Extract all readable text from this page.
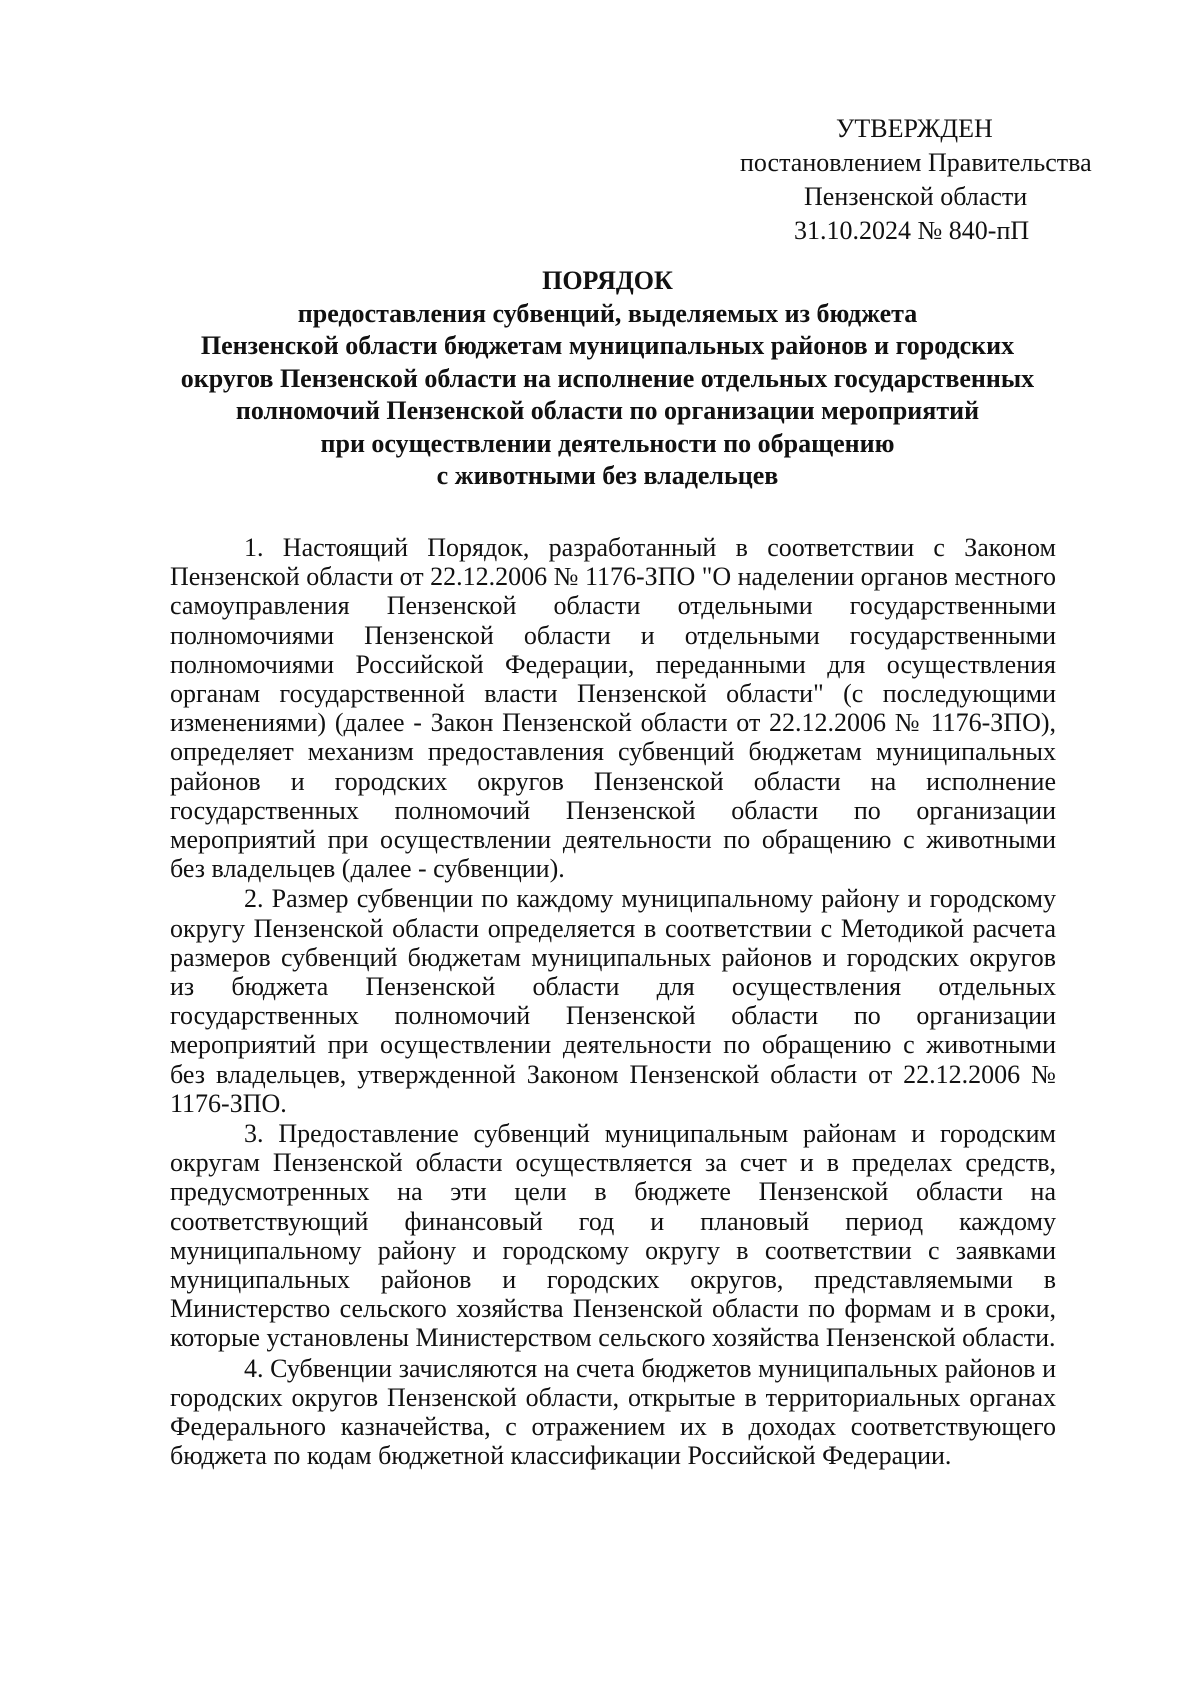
УТВЕРЖДЕН
постановлением Правительства
Пензенской области
31.10.2024 № 840-пП
ПОРЯДОК
предоставления субвенций, выделяемых из бюджета
Пензенской области бюджетам муниципальных районов и городских
округов Пензенской области на исполнение отдельных государственных
полномочий Пензенской области по организации мероприятий
при осуществлении деятельности по обращению
с животными без владельцев

1. Настоящий Порядок, разработанный в соответствии с Законом Пензенской области от 22.12.2006 № 1176-ЗПО "О наделении органов местного самоуправления Пензенской области отдельными государственными полномочиями Пензенской области и отдельными государственными полномочиями Российской Федерации, переданными для осуществления органам государственной власти Пензенской области" (с последующими изменениями) (далее - Закон Пензенской области от 22.12.2006 № 1176-ЗПО), определяет механизм предоставления субвенций бюджетам муниципальных районов и городских округов Пензенской области на исполнение государственных полномочий Пензенской области по организации мероприятий при осуществлении деятельности по обращению с животными без владельцев (далее - субвенции).

2. Размер субвенции по каждому муниципальному району и городскому округу Пензенской области определяется в соответствии с Методикой расчета размеров субвенций бюджетам муниципальных районов и городских округов из бюджета Пензенской области для осуществления отдельных государственных полномочий Пензенской области по организации мероприятий при осуществлении деятельности по обращению с животными без владельцев, утвержденной Законом Пензенской области от 22.12.2006 № 1176-ЗПО.

3. Предоставление субвенций муниципальным районам и городским округам Пензенской области осуществляется за счет и в пределах средств, предусмотренных на эти цели в бюджете Пензенской области на соответствующий финансовый год и плановый период каждому муниципальному району и городскому округу в соответствии с заявками муниципальных районов и городских округов, представляемыми в Министерство сельского хозяйства Пензенской области по формам и в сроки, которые установлены Министерством сельского хозяйства Пензенской области.

4. Субвенции зачисляются на счета бюджетов муниципальных районов и городских округов Пензенской области, открытые в территориальных органах Федерального казначейства, с отражением их в доходах соответствующего бюджета по кодам бюджетной классификации Российской Федерации.
